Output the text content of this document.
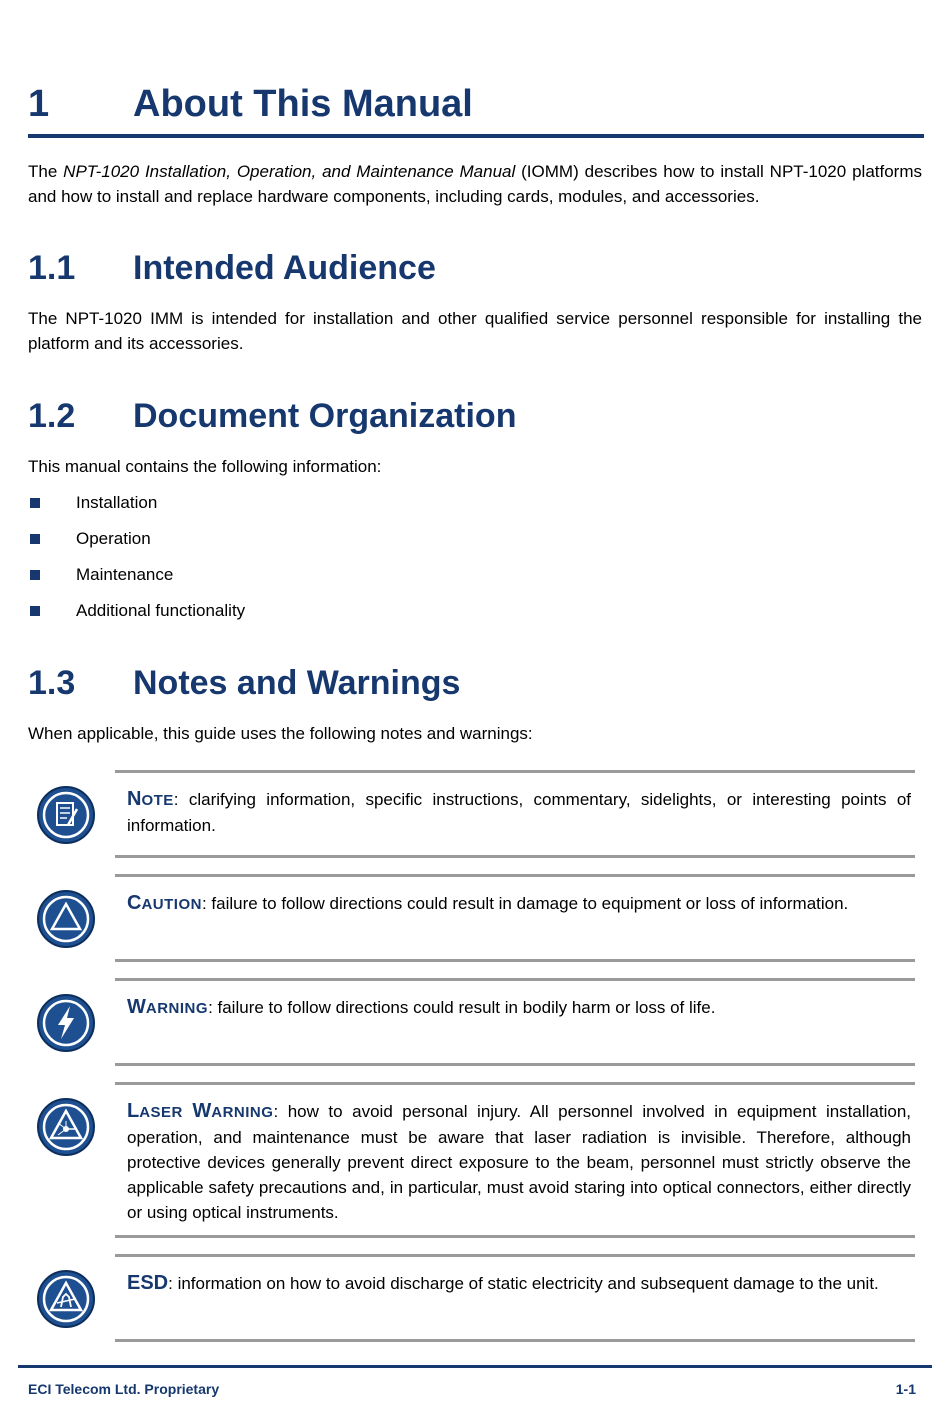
1 About This Manual

The NPT-1020 Installation, Operation, and Maintenance Manual (IOMM) describes how to install NPT-1020 platforms and how to install and replace hardware components, including cards, modules, and accessories.

1.1 Intended Audience

The NPT-1020 IMM is intended for installation and other qualified service personnel responsible for installing the platform and its accessories.

1.2 Document Organization

This manual contains the following information:

Installation
Operation
Maintenance
Additional functionality
1.3 Notes and Warnings

When applicable, this guide uses the following notes and warnings:

NOTE: clarifying information, specific instructions, commentary, sidelights, or interesting points of information.

CAUTION: failure to follow directions could result in damage to equipment or loss of information.

WARNING: failure to follow directions could result in bodily harm or loss of life.

LASER WARNING: how to avoid personal injury. All personnel involved in equipment installation, operation, and maintenance must be aware that laser radiation is invisible. Therefore, although protective devices generally prevent direct exposure to the beam, personnel must strictly observe the applicable safety precautions and, in particular, must avoid staring into optical connectors, either directly or using optical instruments.

ESD: information on how to avoid discharge of static electricity and subsequent damage to the unit.

ECI Telecom Ltd. Proprietary	1-1
